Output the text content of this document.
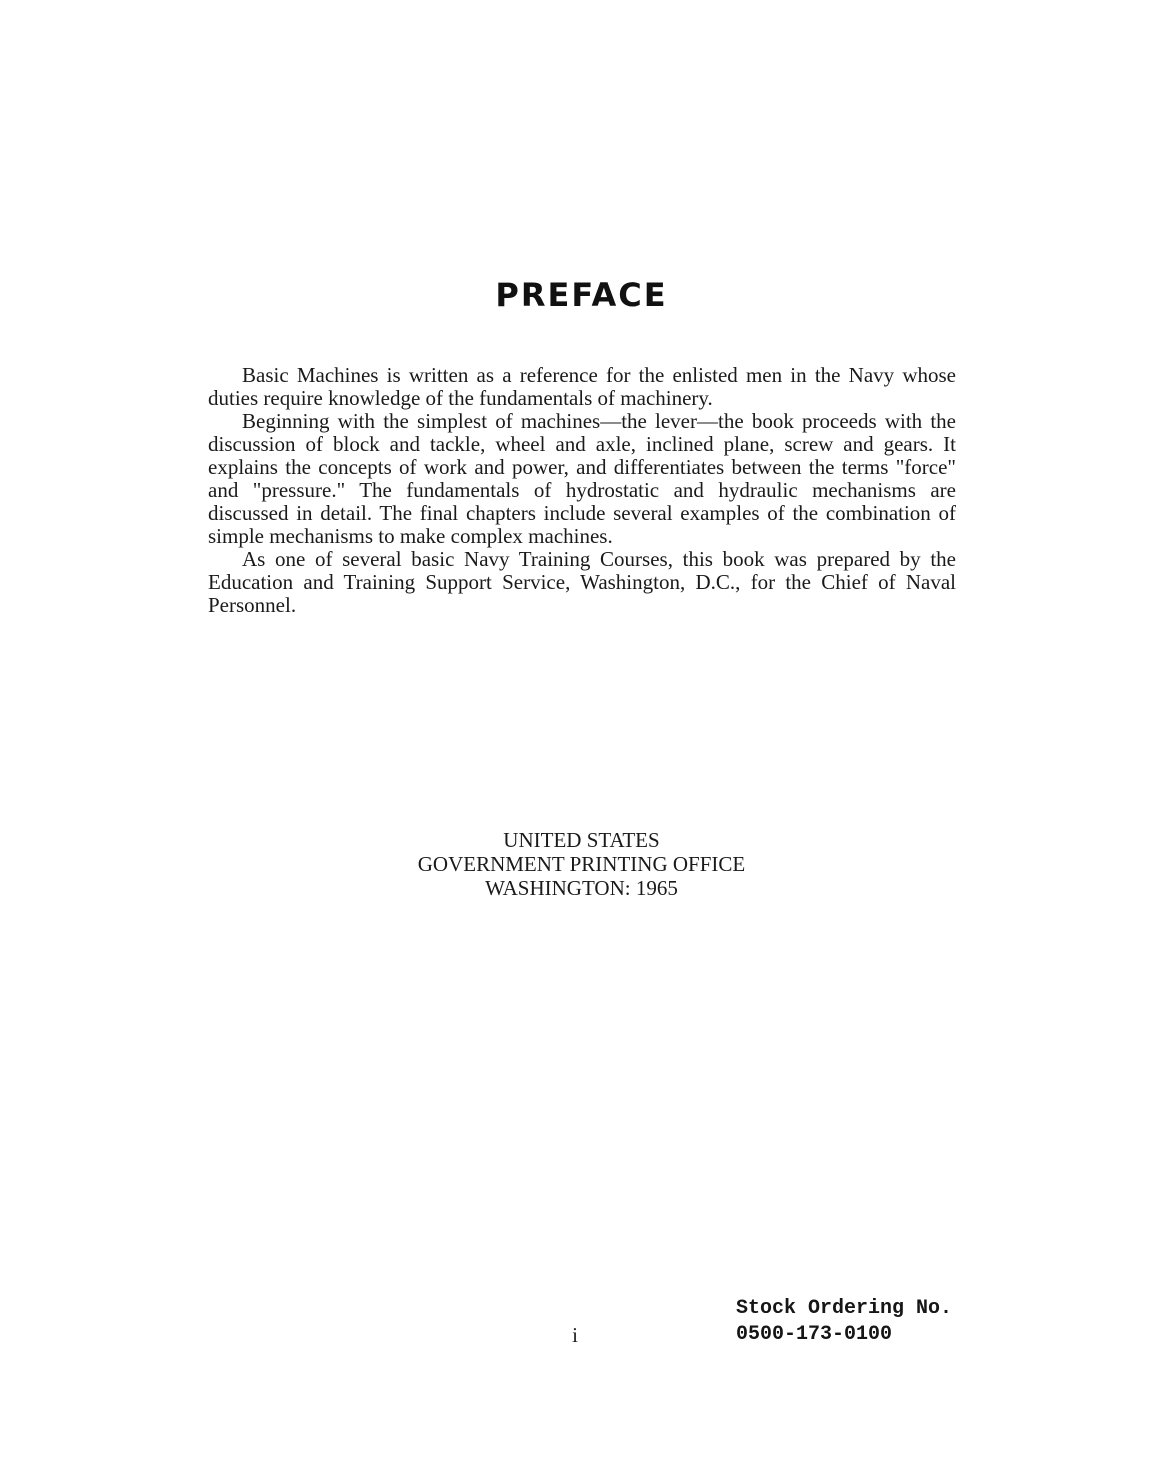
PREFACE

Basic Machines is written as a reference for the enlisted men in the Navy whose duties require knowledge of the fundamentals of machinery.

Beginning with the simplest of machines—the lever—the book proceeds with the discussion of block and tackle, wheel and axle, inclined plane, screw and gears. It explains the concepts of work and power, and differentiates between the terms "force" and "pressure." The fundamentals of hydrostatic and hydraulic mechanisms are discussed in detail. The final chapters include several examples of the combination of simple mechanisms to make complex machines.

As one of several basic Navy Training Courses, this book was prepared by the Education and Training Support Service, Washington, D.C., for the Chief of Naval Personnel.

UNITED STATES
GOVERNMENT PRINTING OFFICE
WASHINGTON: 1965
i
Stock Ordering No.
0500-173-0100
